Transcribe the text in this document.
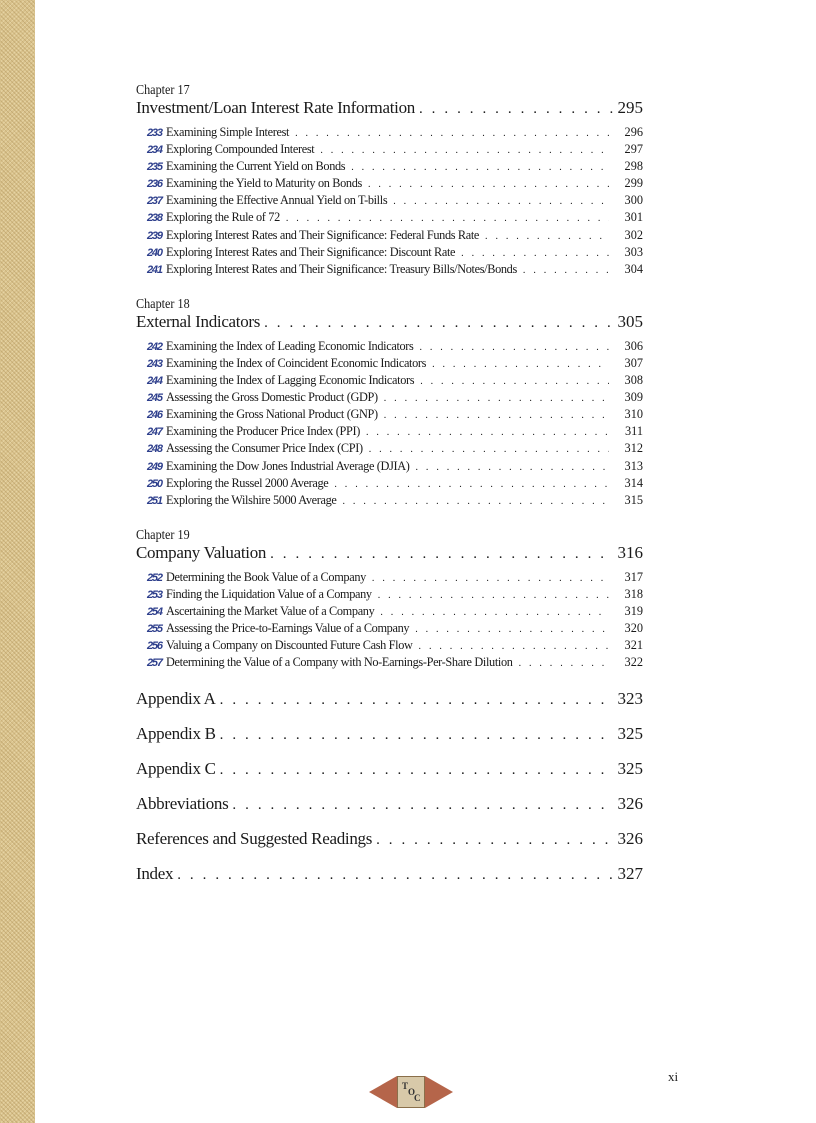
Chapter 17
Investment/Loan Interest Rate Information . . .	295
233 Examining Simple Interest . . .	296
234 Exploring Compounded Interest . . .	297
235 Examining the Current Yield on Bonds . . .	298
236 Examining the Yield to Maturity on Bonds . . .	299
237 Examining the Effective Annual Yield on T-bills . . .	300
238 Exploring the Rule of 72 . . .	301
239 Exploring Interest Rates and Their Significance: Federal Funds Rate . . .	302
240 Exploring Interest Rates and Their Significance: Discount Rate . . .	303
241 Exploring Interest Rates and Their Significance: Treasury Bills/Notes/Bonds . . .	304
Chapter 18
External Indicators . . .	305
242 Examining the Index of Leading Economic Indicators . . .	306
243 Examining the Index of Coincident Economic Indicators . . .	307
244 Examining the Index of Lagging Economic Indicators . . .	308
245 Assessing the Gross Domestic Product (GDP) . . .	309
246 Examining the Gross National Product (GNP) . . .	310
247 Examining the Producer Price Index (PPI) . . .	311
248 Assessing the Consumer Price Index (CPI) . . .	312
249 Examining the Dow Jones Industrial Average (DJIA) . . .	313
250 Exploring the Russel 2000 Average . . .	314
251 Exploring the Wilshire 5000 Average . . .	315
Chapter 19
Company Valuation . . .	316
252 Determining the Book Value of a Company . . .	317
253 Finding the Liquidation Value of a Company . . .	318
254 Ascertaining the Market Value of a Company . . .	319
255 Assessing the Price-to-Earnings Value of a Company . . .	320
256 Valuing a Company on Discounted Future Cash Flow . . .	321
257 Determining the Value of a Company with No-Earnings-Per-Share Dilution . . .	322
Appendix A . . .	323
Appendix B . . .	325
Appendix C . . .	325
Abbreviations . . .	326
References and Suggested Readings . . .	326
Index . . .	327
xi
T
O
C
